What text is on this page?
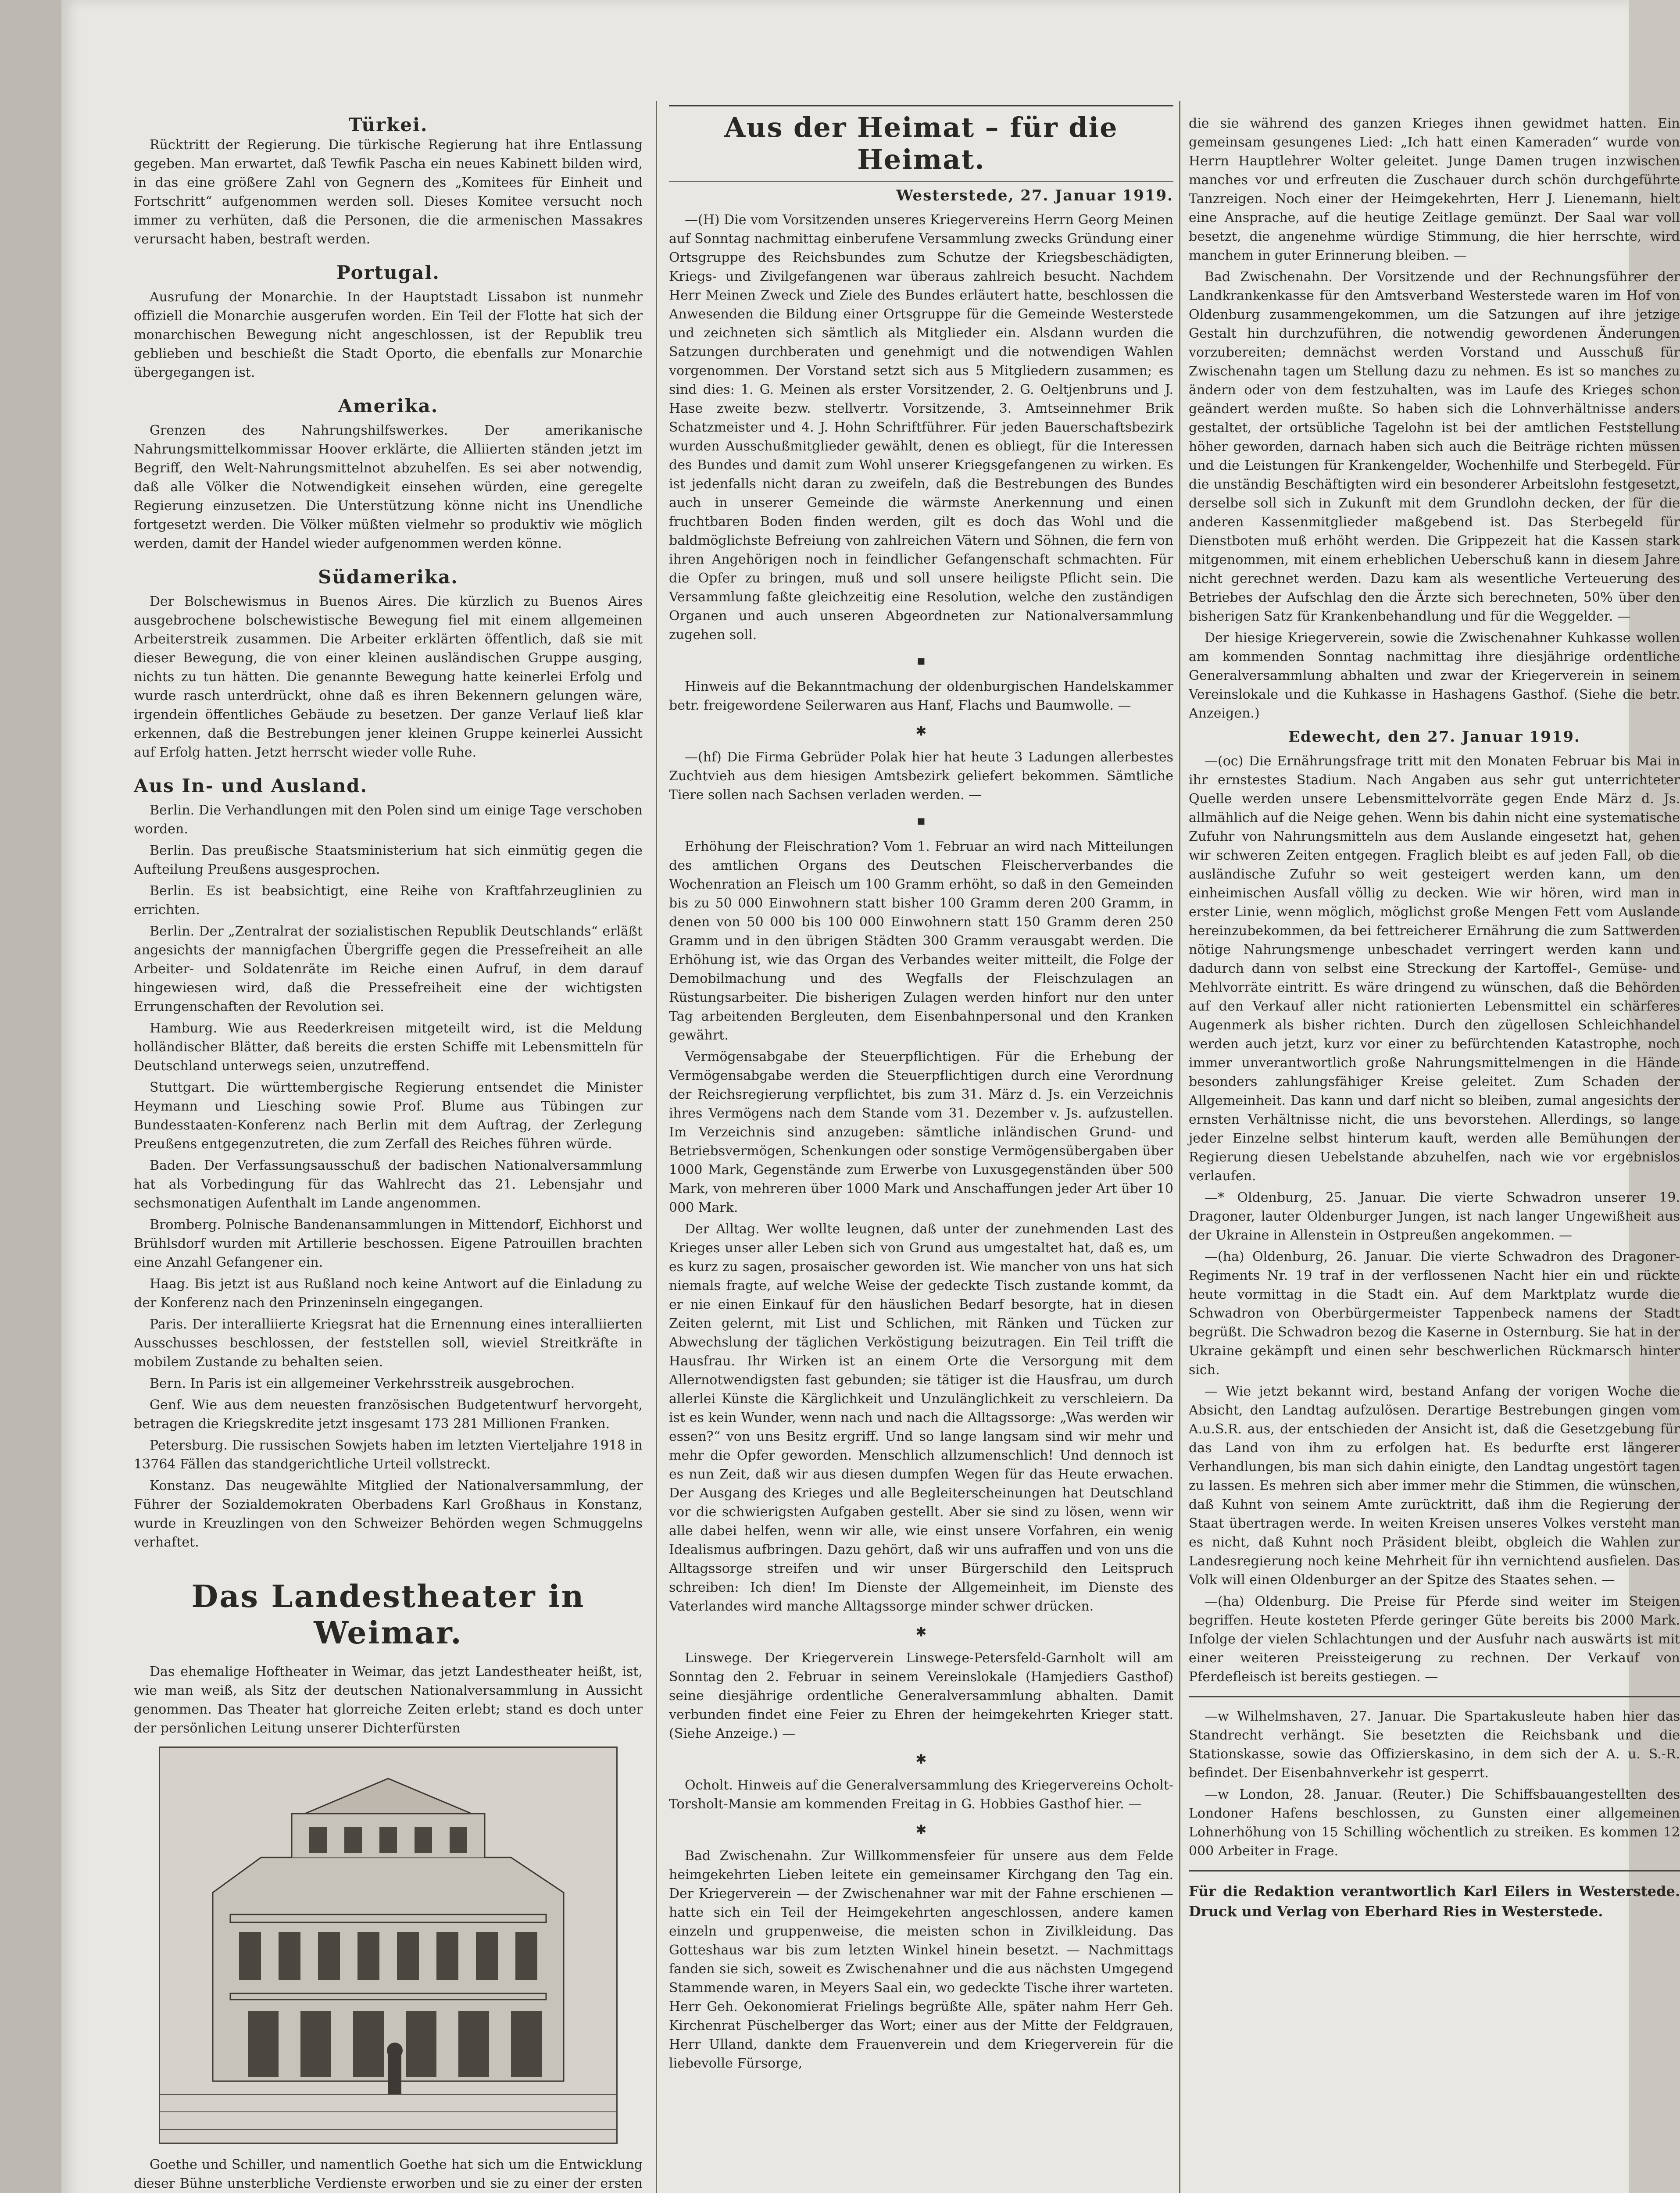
Türkei.

Rücktritt der Regierung. Die türkische Regierung hat ihre Entlassung gegeben. Man erwartet, daß Tewfik Pascha ein neues Kabinett bilden wird, in das eine größere Zahl von Gegnern des „Komitees für Einheit und Fortschritt“ aufgenommen werden soll. Dieses Komitee versucht noch immer zu verhüten, daß die Personen, die die armenischen Massakres verursacht haben, bestraft werden.

Portugal.

Ausrufung der Monarchie. In der Hauptstadt Lissabon ist nunmehr offiziell die Monarchie ausgerufen worden. Ein Teil der Flotte hat sich der monarchischen Bewegung nicht angeschlossen, ist der Republik treu geblieben und beschießt die Stadt Oporto, die ebenfalls zur Monarchie übergegangen ist.

Amerika.

Grenzen des Nahrungshilfswerkes. Der amerikanische Nahrungsmittelkommissar Hoover erklärte, die Alliierten ständen jetzt im Begriff, den Welt-Nahrungsmittelnot abzuhelfen. Es sei aber notwendig, daß alle Völker die Notwendigkeit einsehen würden, eine geregelte Regierung einzusetzen. Die Unterstützung könne nicht ins Unendliche fortgesetzt werden. Die Völker müßten vielmehr so produktiv wie möglich werden, damit der Handel wieder aufgenommen werden könne.

Südamerika.

Der Bolschewismus in Buenos Aires. Die kürzlich zu Buenos Aires ausgebrochene bolschewistische Bewegung fiel mit einem allgemeinen Arbeiterstreik zusammen. Die Arbeiter erklärten öffentlich, daß sie mit dieser Bewegung, die von einer kleinen ausländischen Gruppe ausging, nichts zu tun hätten. Die genannte Bewegung hatte keinerlei Erfolg und wurde rasch unterdrückt, ohne daß es ihren Bekennern gelungen wäre, irgendein öffentliches Gebäude zu besetzen. Der ganze Verlauf ließ klar erkennen, daß die Bestrebungen jener kleinen Gruppe keinerlei Aussicht auf Erfolg hatten. Jetzt herrscht wieder volle Ruhe.

Aus In- und Ausland.

Berlin. Die Verhandlungen mit den Polen sind um einige Tage verschoben worden.

Berlin. Das preußische Staatsministerium hat sich einmütig gegen die Aufteilung Preußens ausgesprochen.

Berlin. Es ist beabsichtigt, eine Reihe von Kraftfahrzeuglinien zu errichten.

Berlin. Der „Zentralrat der sozialistischen Republik Deutschlands“ erläßt angesichts der mannigfachen Übergriffe gegen die Pressefreiheit an alle Arbeiter- und Soldatenräte im Reiche einen Aufruf, in dem darauf hingewiesen wird, daß die Pressefreiheit eine der wichtigsten Errungenschaften der Revolution sei.

Hamburg. Wie aus Reederkreisen mitgeteilt wird, ist die Meldung holländischer Blätter, daß bereits die ersten Schiffe mit Lebensmitteln für Deutschland unterwegs seien, unzutreffend.

Stuttgart. Die württembergische Regierung entsendet die Minister Heymann und Liesching sowie Prof. Blume aus Tübingen zur Bundesstaaten-Konferenz nach Berlin mit dem Auftrag, der Zerlegung Preußens entgegenzutreten, die zum Zerfall des Reiches führen würde.

Baden. Der Verfassungsausschuß der badischen Nationalversammlung hat als Vorbedingung für das Wahlrecht das 21. Lebensjahr und sechsmonatigen Aufenthalt im Lande angenommen.

Bromberg. Polnische Bandenansammlungen in Mittendorf, Eichhorst und Brühlsdorf wurden mit Artillerie beschossen. Eigene Patrouillen brachten eine Anzahl Gefangener ein.

Haag. Bis jetzt ist aus Rußland noch keine Antwort auf die Einladung zu der Konferenz nach den Prinzeninseln eingegangen.

Paris. Der interalliierte Kriegsrat hat die Ernennung eines interalliierten Ausschusses beschlossen, der feststellen soll, wieviel Streitkräfte in mobilem Zustande zu behalten seien.

Bern. In Paris ist ein allgemeiner Verkehrsstreik ausgebrochen.

Genf. Wie aus dem neuesten französischen Budgetentwurf hervorgeht, betragen die Kriegskredite jetzt insgesamt 173 281 Millionen Franken.

Petersburg. Die russischen Sowjets haben im letzten Vierteljahre 1918 in 13764 Fällen das standgerichtliche Urteil vollstreckt.

Konstanz. Das neugewählte Mitglied der Nationalversammlung, der Führer der Sozialdemokraten Oberbadens Karl Großhaus in Konstanz, wurde in Kreuzlingen von den Schweizer Behörden wegen Schmuggelns verhaftet.

Das Landestheater in Weimar.

Das ehemalige Hoftheater in Weimar, das jetzt Landestheater heißt, ist, wie man weiß, als Sitz der deutschen Nationalversammlung in Aussicht genommen. Das Theater hat glorreiche Zeiten erlebt; stand es doch unter der persönlichen Leitung unserer Dichterfürsten

Goethe und Schiller, und namentlich Goethe hat sich um die Entwicklung dieser Bühne unsterbliche Verdienste erworben und sie zu einer der ersten

Aus der Heimat – für die Heimat.
Westerstede, 27. Januar 1919.

—(H) Die vom Vorsitzenden unseres Kriegervereins Herrn Georg Meinen auf Sonntag nachmittag einberufene Versammlung zwecks Gründung einer Ortsgruppe des Reichsbundes zum Schutze der Kriegsbeschädigten, Kriegs- und Zivilgefangenen war überaus zahlreich besucht. Nachdem Herr Meinen Zweck und Ziele des Bundes erläutert hatte, beschlossen die Anwesenden die Bildung einer Ortsgruppe für die Gemeinde Westerstede und zeichneten sich sämtlich als Mitglieder ein. Alsdann wurden die Satzungen durchberaten und genehmigt und die notwendigen Wahlen vorgenommen. Der Vorstand setzt sich aus 5 Mitgliedern zusammen; es sind dies: 1. G. Meinen als erster Vorsitzender, 2. G. Oeltjenbruns und J. Hase zweite bezw. stellvertr. Vorsitzende, 3. Amtseinnehmer Brik Schatzmeister und 4. J. Hohn Schriftführer. Für jeden Bauerschaftsbezirk wurden Ausschußmitglieder gewählt, denen es obliegt, für die Interessen des Bundes und damit zum Wohl unserer Kriegsgefangenen zu wirken. Es ist jedenfalls nicht daran zu zweifeln, daß die Bestrebungen des Bundes auch in unserer Gemeinde die wärmste Anerkennung und einen fruchtbaren Boden finden werden, gilt es doch das Wohl und die baldmöglichste Befreiung von zahlreichen Vätern und Söhnen, die fern von ihren Angehörigen noch in feindlicher Gefangenschaft schmachten. Für die Opfer zu bringen, muß und soll unsere heiligste Pflicht sein. Die Versammlung faßte gleichzeitig eine Resolution, welche den zuständigen Organen und auch unseren Abgeordneten zur Nationalversammlung zugehen soll.

▪

Hinweis auf die Bekanntmachung der oldenburgischen Handelskammer betr. freigewordene Seilerwaren aus Hanf, Flachs und Baumwolle. —

✱

—(hf) Die Firma Gebrüder Polak hier hat heute 3 Ladungen allerbestes Zuchtvieh aus dem hiesigen Amtsbezirk geliefert bekommen. Sämtliche Tiere sollen nach Sachsen verladen werden. —

▪

Erhöhung der Fleischration? Vom 1. Februar an wird nach Mitteilungen des amtlichen Organs des Deutschen Fleischerverbandes die Wochenration an Fleisch um 100 Gramm erhöht, so daß in den Gemeinden bis zu 50 000 Einwohnern statt bisher 100 Gramm deren 200 Gramm, in denen von 50 000 bis 100 000 Einwohnern statt 150 Gramm deren 250 Gramm und in den übrigen Städten 300 Gramm verausgabt werden. Die Erhöhung ist, wie das Organ des Verbandes weiter mitteilt, die Folge der Demobilmachung und des Wegfalls der Fleischzulagen an Rüstungsarbeiter. Die bisherigen Zulagen werden hinfort nur den unter Tag arbeitenden Bergleuten, dem Eisenbahnpersonal und den Kranken gewährt.

Vermögensabgabe der Steuerpflichtigen. Für die Erhebung der Vermögensabgabe werden die Steuerpflichtigen durch eine Verordnung der Reichsregierung verpflichtet, bis zum 31. März d. Js. ein Verzeichnis ihres Vermögens nach dem Stande vom 31. Dezember v. Js. aufzustellen. Im Verzeichnis sind anzugeben: sämtliche inländischen Grund- und Betriebsvermögen, Schenkungen oder sonstige Vermögensübergaben über 1000 Mark, Gegenstände zum Erwerbe von Luxusgegenständen über 500 Mark, von mehreren über 1000 Mark und Anschaffungen jeder Art über 10 000 Mark.

Der Alltag. Wer wollte leugnen, daß unter der zunehmenden Last des Krieges unser aller Leben sich von Grund aus umgestaltet hat, daß es, um es kurz zu sagen, prosaischer geworden ist. Wie mancher von uns hat sich niemals fragte, auf welche Weise der gedeckte Tisch zustande kommt, da er nie einen Einkauf für den häuslichen Bedarf besorgte, hat in diesen Zeiten gelernt, mit List und Schlichen, mit Ränken und Tücken zur Abwechslung der täglichen Verköstigung beizutragen. Ein Teil trifft die Hausfrau. Ihr Wirken ist an einem Orte die Versorgung mit dem Allernotwendigsten fast gebunden; sie tätiger ist die Hausfrau, um durch allerlei Künste die Kärglichkeit und Unzulänglichkeit zu verschleiern. Da ist es kein Wunder, wenn nach und nach die Alltagssorge: „Was werden wir essen?“ von uns Besitz ergriff. Und so lange langsam sind wir mehr und mehr die Opfer geworden. Menschlich allzumenschlich! Und dennoch ist es nun Zeit, daß wir aus diesen dumpfen Wegen für das Heute erwachen. Der Ausgang des Krieges und alle Begleiterscheinungen hat Deutschland vor die schwierigsten Aufgaben gestellt. Aber sie sind zu lösen, wenn wir alle dabei helfen, wenn wir alle, wie einst unsere Vorfahren, ein wenig Idealismus aufbringen. Dazu gehört, daß wir uns aufraffen und von uns die Alltagssorge streifen und wir unser Bürgerschild den Leitspruch schreiben: Ich dien! Im Dienste der Allgemeinheit, im Dienste des Vaterlandes wird manche Alltagssorge minder schwer drücken.

✱

Linswege. Der Kriegerverein Linswege-Petersfeld-Garnholt will am Sonntag den 2. Februar in seinem Vereinslokale (Hamjediers Gasthof) seine diesjährige ordentliche Generalversammlung abhalten. Damit verbunden findet eine Feier zu Ehren der heimgekehrten Krieger statt. (Siehe Anzeige.) —

✱

Ocholt. Hinweis auf die Generalversammlung des Kriegervereins Ocholt-Torsholt-Mansie am kommenden Freitag in G. Hobbies Gasthof hier. —

✱

Bad Zwischenahn. Zur Willkommensfeier für unsere aus dem Felde heimgekehrten Lieben leitete ein gemeinsamer Kirchgang den Tag ein. Der Kriegerverein — der Zwischenahner war mit der Fahne erschienen — hatte sich ein Teil der Heimgekehrten angeschlossen, andere kamen einzeln und gruppenweise, die meisten schon in Zivilkleidung. Das Gotteshaus war bis zum letzten Winkel hinein besetzt. — Nachmittags fanden sie sich, soweit es Zwischenahner und die aus nächsten Umgegend Stammende waren, in Meyers Saal ein, wo gedeckte Tische ihrer warteten. Herr Geh. Oekonomierat Frielings begrüßte Alle, später nahm Herr Geh. Kirchenrat Püschelberger das Wort; einer aus der Mitte der Feldgrauen, Herr Ulland, dankte dem Frauenverein und dem Kriegerverein für die liebevolle Fürsorge,

die sie während des ganzen Krieges ihnen gewidmet hatten. Ein gemeinsam gesungenes Lied: „Ich hatt einen Kameraden“ wurde von Herrn Hauptlehrer Wolter geleitet. Junge Damen trugen inzwischen manches vor und erfreuten die Zuschauer durch schön durchgeführte Tanzreigen. Noch einer der Heimgekehrten, Herr J. Lienemann, hielt eine Ansprache, auf die heutige Zeitlage gemünzt. Der Saal war voll besetzt, die angenehme würdige Stimmung, die hier herrschte, wird manchem in guter Erinnerung bleiben. —

Bad Zwischenahn. Der Vorsitzende und der Rechnungsführer der Landkrankenkasse für den Amtsverband Westerstede waren im Hof von Oldenburg zusammengekommen, um die Satzungen auf ihre jetzige Gestalt hin durchzuführen, die notwendig gewordenen Änderungen vorzubereiten; demnächst werden Vorstand und Ausschuß für Zwischenahn tagen um Stellung dazu zu nehmen. Es ist so manches zu ändern oder von dem festzuhalten, was im Laufe des Krieges schon geändert werden mußte. So haben sich die Lohnverhältnisse anders gestaltet, der ortsübliche Tagelohn ist bei der amtlichen Feststellung höher geworden, darnach haben sich auch die Beiträge richten müssen und die Leistungen für Krankengelder, Wochenhilfe und Sterbegeld. Für die unständig Beschäftigten wird ein besonderer Arbeitslohn festgesetzt, derselbe soll sich in Zukunft mit dem Grundlohn decken, der für die anderen Kassenmitglieder maßgebend ist. Das Sterbegeld für Dienstboten muß erhöht werden. Die Grippezeit hat die Kassen stark mitgenommen, mit einem erheblichen Ueberschuß kann in diesem Jahre nicht gerechnet werden. Dazu kam als wesentliche Verteuerung des Betriebes der Aufschlag den die Ärzte sich berechneten, 50% über den bisherigen Satz für Krankenbehandlung und für die Weggelder. —

Der hiesige Kriegerverein, sowie die Zwischenahner Kuhkasse wollen am kommenden Sonntag nachmittag ihre diesjährige ordentliche Generalversammlung abhalten und zwar der Kriegerverein in seinem Vereinslokale und die Kuhkasse in Hashagens Gasthof. (Siehe die betr. Anzeigen.)

Edewecht, den 27. Januar 1919.

—(oc) Die Ernährungsfrage tritt mit den Monaten Februar bis Mai in ihr ernstestes Stadium. Nach Angaben aus sehr gut unterrichteter Quelle werden unsere Lebensmittelvorräte gegen Ende März d. Js. allmählich auf die Neige gehen. Wenn bis dahin nicht eine systematische Zufuhr von Nahrungsmitteln aus dem Auslande eingesetzt hat, gehen wir schweren Zeiten entgegen. Fraglich bleibt es auf jeden Fall, ob die ausländische Zufuhr so weit gesteigert werden kann, um den einheimischen Ausfall völlig zu decken. Wie wir hören, wird man in erster Linie, wenn möglich, möglichst große Mengen Fett vom Auslande hereinzubekommen, da bei fettreicherer Ernährung die zum Sattwerden nötige Nahrungsmenge unbeschadet verringert werden kann und dadurch dann von selbst eine Streckung der Kartoffel-, Gemüse- und Mehlvorräte eintritt. Es wäre dringend zu wünschen, daß die Behörden auf den Verkauf aller nicht rationierten Lebensmittel ein schärferes Augenmerk als bisher richten. Durch den zügellosen Schleichhandel werden auch jetzt, kurz vor einer zu befürchtenden Katastrophe, noch immer unverantwortlich große Nahrungsmittelmengen in die Hände besonders zahlungsfähiger Kreise geleitet. Zum Schaden der Allgemeinheit. Das kann und darf nicht so bleiben, zumal angesichts der ernsten Verhältnisse nicht, die uns bevorstehen. Allerdings, so lange jeder Einzelne selbst hinterum kauft, werden alle Bemühungen der Regierung diesen Uebelstande abzuhelfen, nach wie vor ergebnislos verlaufen.

—* Oldenburg, 25. Januar. Die vierte Schwadron unserer 19. Dragoner, lauter Oldenburger Jungen, ist nach langer Ungewißheit aus der Ukraine in Allenstein in Ostpreußen angekommen. —

—(ha) Oldenburg, 26. Januar. Die vierte Schwadron des Dragoner-Regiments Nr. 19 traf in der verflossenen Nacht hier ein und rückte heute vormittag in die Stadt ein. Auf dem Marktplatz wurde die Schwadron von Oberbürgermeister Tappenbeck namens der Stadt begrüßt. Die Schwadron bezog die Kaserne in Osternburg. Sie hat in der Ukraine gekämpft und einen sehr beschwerlichen Rückmarsch hinter sich.

— Wie jetzt bekannt wird, bestand Anfang der vorigen Woche die Absicht, den Landtag aufzulösen. Derartige Bestrebungen gingen vom A.u.S.R. aus, der entschieden der Ansicht ist, daß die Gesetzgebung für das Land von ihm zu erfolgen hat. Es bedurfte erst längerer Verhandlungen, bis man sich dahin einigte, den Landtag ungestört tagen zu lassen. Es mehren sich aber immer mehr die Stimmen, die wünschen, daß Kuhnt von seinem Amte zurücktritt, daß ihm die Regierung der Staat übertragen werde. In weiten Kreisen unseres Volkes versteht man es nicht, daß Kuhnt noch Präsident bleibt, obgleich die Wahlen zur Landesregierung noch keine Mehrheit für ihn vernichtend ausfielen. Das Volk will einen Oldenburger an der Spitze des Staates sehen. —

—(ha) Oldenburg. Die Preise für Pferde sind weiter im Steigen begriffen. Heute kosteten Pferde geringer Güte bereits bis 2000 Mark. Infolge der vielen Schlachtungen und der Ausfuhr nach auswärts ist mit einer weiteren Preissteigerung zu rechnen. Der Verkauf von Pferdefleisch ist bereits gestiegen. —

—w Wilhelmshaven, 27. Januar. Die Spartakusleute haben hier das Standrecht verhängt. Sie besetzten die Reichsbank und die Stationskasse, sowie das Offizierskasino, in dem sich der A. u. S.-R. befindet. Der Eisenbahnverkehr ist gesperrt.

—w London, 28. Januar. (Reuter.) Die Schiffsbauangestellten des Londoner Hafens beschlossen, zu Gunsten einer allgemeinen Lohnerhöhung von 15 Schilling wöchentlich zu streiken. Es kommen 12 000 Arbeiter in Frage.

Für die Redaktion verantwortlich Karl Eilers in Westerstede. Druck und Verlag von Eberhard Ries in Westerstede.
